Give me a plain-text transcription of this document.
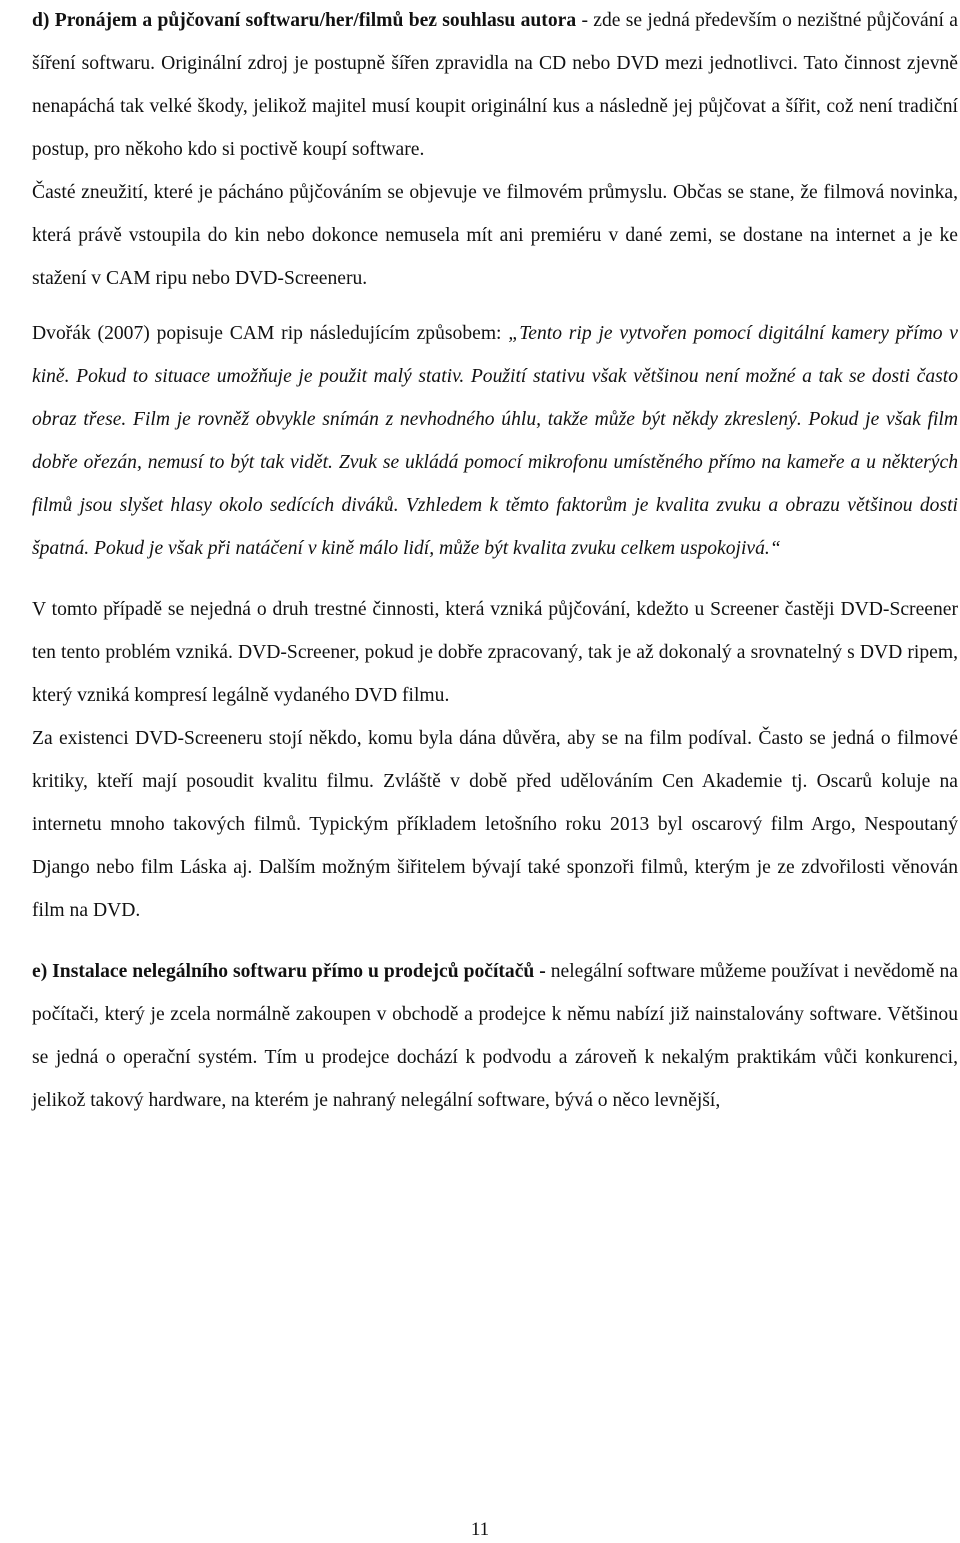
d) Pronájem a půjčovaní softwaru/her/filmů bez souhlasu autora - zde se jedná především o nezištné půjčování a šíření softwaru. Originální zdroj je postupně šířen zpravidla na CD nebo DVD mezi jednotlivci. Tato činnost zjevně nenapáchá tak velké škody, jelikož majitel musí koupit originální kus a následně jej půjčovat a šířit, což není tradiční postup, pro někoho kdo si poctivě koupí software.

Časté zneužití, které je pácháno půjčováním se objevuje ve filmovém průmyslu. Občas se stane, že filmová novinka, která právě vstoupila do kin nebo dokonce nemusela mít ani premiéru v dané zemi, se dostane na internet a je ke stažení v CAM ripu nebo DVD-Screeneru.

Dvořák (2007) popisuje CAM rip následujícím způsobem: „Tento rip je vytvořen pomocí digitální kamery přímo v kině. Pokud to situace umožňuje je použit malý stativ. Použití stativu však většinou není možné a tak se dosti často obraz třese. Film je rovněž obvykle snímán z nevhodného úhlu, takže může být někdy zkreslený. Pokud je však film dobře ořezán, nemusí to být tak vidět. Zvuk se ukládá pomocí mikrofonu umístěného přímo na kameře a u některých filmů jsou slyšet hlasy okolo sedících diváků. Vzhledem k těmto faktorům je kvalita zvuku a obrazu většinou dosti špatná. Pokud je však při natáčení v kině málo lidí, může být kvalita zvuku celkem uspokojivá.“

V tomto případě se nejedná o druh trestné činnosti, která vzniká půjčování, kdežto u Screener častěji DVD-Screener ten tento problém vzniká. DVD-Screener, pokud je dobře zpracovaný, tak je až dokonalý a srovnatelný s DVD ripem, který vzniká kompresí legálně vydaného DVD filmu.

Za existenci DVD-Screeneru stojí někdo, komu byla dána důvěra, aby se na film podíval. Často se jedná o filmové kritiky, kteří mají posoudit kvalitu filmu. Zvláště v době před udělováním Cen Akademie tj. Oscarů koluje na internetu mnoho takových filmů. Typickým příkladem letošního roku 2013 byl oscarový film Argo, Nespoutaný Django nebo film Láska aj. Dalším možným šiřitelem bývají také sponzoři filmů, kterým je ze zdvořilosti věnován film na DVD.

e) Instalace nelegálního softwaru přímo u prodejců počítačů - nelegální software můžeme používat i nevědomě na počítači, který je zcela normálně zakoupen v obchodě a prodejce k němu nabízí již nainstalovány software. Většinou se jedná o operační systém. Tím u prodejce dochází k podvodu a zároveň k nekalým praktikám vůči konkurenci, jelikož takový hardware, na kterém je nahraný nelegální software, bývá o něco levnější,

11
